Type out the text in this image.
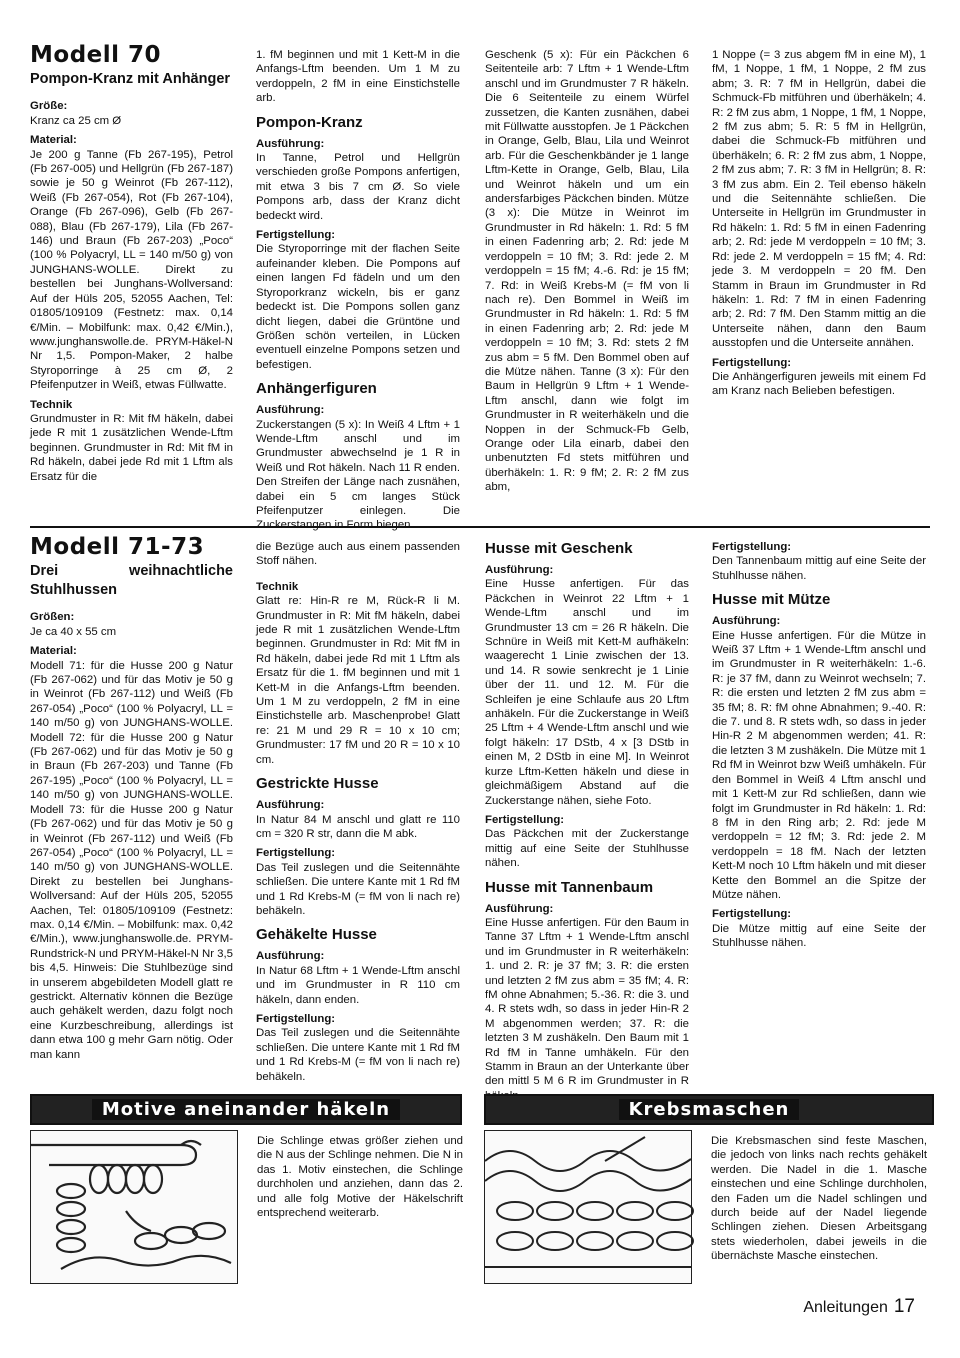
Modell 70
Pompon-Kranz mit Anhänger

Größe:

Kranz ca 25 cm Ø

Material:

Je 200 g Tanne (Fb 267-195), Petrol (Fb 267-005) und Hellgrün (Fb 267-187) sowie je 50 g Weinrot (Fb 267-112), Weiß (Fb 267-054), Rot (Fb 267-104), Orange (Fb 267-096), Gelb (Fb 267-088), Blau (Fb 267-179), Lila (Fb 267-146) und Braun (Fb 267-203) „Poco“ (100 % Polyacryl, LL = 140 m/50 g) von JUNGHANS-WOLLE. Direkt zu bestellen bei Junghans-Wollversand: Auf der Hüls 205, 52055 Aachen, Tel: 01805/109109 (Festnetz: max. 0,14 €/Min. – Mobilfunk: max. 0,42 €/Min.), www.junghanswolle.de. PRYM-Häkel-N Nr 1,5. Pompon-Maker, 2 halbe Styroporringe à 25 cm Ø, 2 Pfeifenputzer in Weiß, etwas Füllwatte.

Technik

Grundmuster in R: Mit fM häkeln, dabei jede R mit 1 zusätzlichen Wende-Lftm beginnen. Grundmuster in Rd: Mit fM in Rd häkeln, dabei jede Rd mit 1 Lftm als Ersatz für die

1. fM beginnen und mit 1 Kett-M in die Anfangs-Lftm beenden. Um 1 M zu verdoppeln, 2 fM in eine Einstichstelle arb.

Pompon-Kranz

Ausführung:

In Tanne, Petrol und Hellgrün verschieden große Pompons anfertigen, mit etwa 3 bis 7 cm Ø. So viele Pompons arb, dass der Kranz dicht bedeckt wird.

Fertigstellung:

Die Styroporringe mit der flachen Seite aufeinander kleben. Die Pompons auf einen langen Fd fädeln und um den Styroporkranz wickeln, bis er ganz bedeckt ist. Die Pompons sollen ganz dicht liegen, dabei die Grüntöne und Größen schön verteilen, in Lücken eventuell einzelne Pompons setzen und befestigen.

Anhängerfiguren

Ausführung:

Zuckerstangen (5 x): In Weiß 4 Lftm + 1 Wende-Lftm anschl und im Grundmuster abwechselnd je 1 R in Weiß und Rot häkeln. Nach 11 R enden. Den Streifen der Länge nach zusnähen, dabei ein 5 cm langes Stück Pfeifenputzer einlegen. Die

Geschenk (5 x): Für ein Päckchen 6 Seitenteile arb: 7 Lftm + 1 Wende-Lftm anschl und im Grundmuster 7 R häkeln. Die 6 Seitenteile zu einem Würfel zussetzen, die Kanten zusnähen, dabei mit Füllwatte ausstopfen. Je 1 Päckchen in Orange, Gelb, Blau, Lila und Weinrot arb. Für die Geschenkbänder je 1 lange Lftm-Kette in Orange, Gelb, Blau, Lila und Weinrot häkeln und um ein andersfarbiges Päckchen binden. Mütze (3 x): Die Mütze in Weinrot im Grundmuster in Rd häkeln: 1. Rd: 5 fM in einen Fadenring arb; 2. Rd: jede M verdoppeln = 10 fM; 3. Rd: jede 2. M verdoppeln = 15 fM; 4.-6. Rd: je 15 fM; 7. Rd: in Weiß Krebs-M (= fM von li nach re). Den Bommel in Weiß im Grundmuster in Rd häkeln: 1. Rd: 5 fM in einen Fadenring arb; 2. Rd: jede M verdoppeln = 10 fM; 3. Rd: stets 2 fM zus abm = 5 fM. Den Bommel oben auf die Mütze nähen. Tanne (3 x): Für den Baum in Hellgrün 9 Lftm + 1 Wende-Lftm anschl, dann wie folgt im Grundmuster in R weiterhäkeln und die Noppen in der Schmuck-Fb Gelb, Orange oder Lila einarb, dabei den unbenutzten Fd stets mitführen und überhäkeln: 1. R: 9 fM; 2. R: 2 fM zus abm,

1 Noppe (= 3 zus abgem fM in eine M), 1 fM, 1 Noppe, 1 fM, 1 Noppe, 2 fM zus abm; 3. R: 7 fM in Hellgrün, dabei die Schmuck-Fb mitführen und überhäkeln; 4. R: 2 fM zus abm, 1 Noppe, 1 fM, 1 Noppe, 2 fM zus abm; 5. R: 5 fM in Hellgrün, dabei die Schmuck-Fb mitführen und überhäkeln; 6. R: 2 fM zus abm, 1 Noppe, 2 fM zus abm; 7. R: 3 fM in Hellgrün; 8. R: 3 fM zus abm. Ein 2. Teil ebenso häkeln und die Seitennähte schließen. Die Unterseite in Hellgrün im Grundmuster in Rd häkeln: 1. Rd: 5 fM in einen Fadenring arb; 2. Rd: jede M verdoppeln = 10 fM; 3. Rd: jede 2. M verdoppeln = 15 fM; 4. Rd: jede 3. M verdoppeln = 20 fM. Den Stamm in Braun im Grundmuster in Rd häkeln: 1. Rd: 7 fM in einen Fadenring arb; 2. Rd: 7 fM. Den Stamm mittig an die Unterseite nähen, dann den Baum ausstopfen und die Unterseite annähen.

Fertigstellung:

Die Anhängerfiguren jeweils mit einem Fd am Kranz nach Belieben befestigen.

Modell 71-73
Drei weihnachtliche Stuhlhussen

Größen:

Je ca 40 x 55 cm

Material:

Modell 71: für die Husse 200 g Natur (Fb 267-062) und für das Motiv je 50 g in Weinrot (Fb 267-112) und Weiß (Fb 267-054) „Poco“ (100 % Polyacryl, LL = 140 m/50 g) von JUNGHANS-WOLLE. Modell 72: für die Husse 200 g Natur (Fb 267-062) und für das Motiv je 50 g in Braun (Fb 267-203) und Tanne (Fb 267-195) „Poco“ (100 % Polyacryl, LL = 140 m/50 g) von JUNGHANS-WOLLE. Modell 73: für die Husse 200 g Natur (Fb 267-062) und für das Motiv je 50 g in Weinrot (Fb 267-112) und Weiß (Fb 267-054) „Poco“ (100 % Polyacryl, LL = 140 m/50 g) von JUNGHANS-WOLLE. Direkt zu bestellen bei Junghans-Wollversand: Auf der Hüls 205, 52055 Aachen, Tel: 01805/109109 (Festnetz: max. 0,14 €/Min. – Mobilfunk: max. 0,42 €/Min.), www.junghanswolle.de. PRYM-Rundstrick-N und PRYM-Häkel-N Nr 3,5 bis 4,5. Hinweis: Die Stuhlbezüge sind in unserem abgebildeten Modell glatt re gestrickt. Alternativ können die Bezüge auch gehäkelt werden, dazu folgt noch eine Kurzbeschreibung, allerdings ist dann etwa 100 g mehr Garn nötig. Oder man kann

die Bezüge auch aus einem passenden Stoff nähen.

Technik

Glatt re: Hin-R re M, Rück-R li M. Grundmuster in R: Mit fM häkeln, dabei jede R mit 1 zusätzlichen Wende-Lftm beginnen. Grundmuster in Rd: Mit fM in Rd häkeln, dabei jede Rd mit 1 Lftm als Ersatz für die 1. fM beginnen und mit 1 Kett-M in die Anfangs-Lftm beenden. Um 1 M zu verdoppeln, 2 fM in eine Einstichstelle arb. Maschenprobe! Glatt re: 21 M und 29 R = 10 x 10 cm; Grundmuster: 17 fM und 20 R = 10 x 10 cm.

Gestrickte Husse

Ausführung:

In Natur 84 M anschl und glatt re 110 cm = 320 R str, dann die M abk.

Fertigstellung:

Das Teil zuslegen und die Seitennähte schließen. Die untere Kante mit 1 Rd fM und 1 Rd Krebs-M (= fM von li nach re) behäkeln.

Gehäkelte Husse

Ausführung:

In Natur 68 Lftm + 1 Wende-Lftm anschl und im Grundmuster in R 110 cm häkeln, dann enden.

Fertigstellung:

Das Teil zuslegen und die Seitennähte schließen. Die untere Kante mit 1 Rd fM und 1 Rd Krebs-M (= fM von li nach re) behäkeln.

Husse mit Geschenk

Ausführung:

Eine Husse anfertigen. Für das Päckchen in Weinrot 22 Lftm + 1 Wende-Lftm anschl und im Grundmuster 13 cm = 26 R häkeln. Die Schnüre in Weiß mit Kett-M aufhäkeln: waagerecht 1 Linie zwischen der 13. und 14. R sowie senkrecht je 1 Linie über der 11. und 12. M. Für die Schleifen je eine Schlaufe aus 20 Lftm anhäkeln. Für die Zuckerstange in Weiß 25 Lftm + 4 Wende-Lftm anschl und wie folgt häkeln: 17 DStb, 4 x [3 DStb in einen M, 2 DStb in eine M]. In Weinrot kurze Lftm-Ketten häkeln und diese in gleichmäßigem Abstand auf die Zuckerstange nähen, siehe Foto.

Fertigstellung:

Das Päckchen mit der Zuckerstange mittig auf eine Seite der Stuhlhusse nähen.

Husse mit Tannenbaum

Ausführung:

Eine Husse anfertigen. Für den Baum in Tanne 37 Lftm + 1 Wende-Lftm anschl und im Grundmuster in R weiterhäkeln: 1. und 2. R: je 37 fM; 3. R: die ersten und letzten 2 fM zus abm = 35 fM; 4. R: fM ohne Abnahmen; 5.-36. R: die 3. und 4. R stets wdh, so dass in jeder Hin-R 2 M abgenommen werden; 37. R: die letzten 3 M zushäkeln. Den Baum mit 1 Rd fM in Tanne umhäkeln. Für den Stamm in Braun an der Unterkante über den mittl 5 M 6 R im Grundmuster in R

Fertigstellung:

Den Tannenbaum mittig auf eine Seite der Stuhlhusse nähen.

Husse mit Mütze

Ausführung:

Eine Husse anfertigen. Für die Mütze in Weiß 37 Lftm + 1 Wende-Lftm anschl und im Grundmuster in R weiterhäkeln: 1.-6. R: je 37 fM, dann zu Weinrot wechseln; 7. R: die ersten und letzten 2 fM zus abm = 35 fM; 8. R: fM ohne Abnahmen; 9.-40. R: die 7. und 8. R stets wdh, so dass in jeder Hin-R 2 M abgenommen werden; 41. R: die letzten 3 M zushäkeln. Die Mütze mit 1 Rd fM in Weinrot bzw Weiß umhäkeln. Für den Bommel in Weiß 4 Lftm anschl und mit 1 Kett-M zur Rd schließen, dann wie folgt im Grundmuster in Rd häkeln: 1. Rd: 8 fM in den Ring arb; 2. Rd: jede M verdoppeln = 12 fM; 3. Rd: jede 2. M verdoppeln = 18 fM. Nach der letzten Kett-M noch 10 Lftm häkeln und mit dieser Kette den Bommel an die Spitze der Mütze nähen.

Fertigstellung:

Die Mütze mittig auf eine Seite der Stuhlhusse nähen.

Motive aneinander häkeln
Die Schlinge etwas größer ziehen und die N aus der Schlinge nehmen. Die N in das 1. Motiv einstechen, die Schlinge durchholen und anziehen, dann das 2. und alle folg Motive der Häkelschrift entsprechend weiterarb.
Krebsmaschen
Die Krebsmaschen sind feste Maschen, die jedoch von links nach rechts gehäkelt werden. Die Nadel in die 1. Masche einstechen und eine Schlinge durchholen, den Faden um die Nadel schlingen und durch beide auf der Nadel liegende Schlingen ziehen. Diesen Arbeitsgang stets wiederholen, dabei jeweils in die übernächste Masche einstechen.
Anleitungen 17
